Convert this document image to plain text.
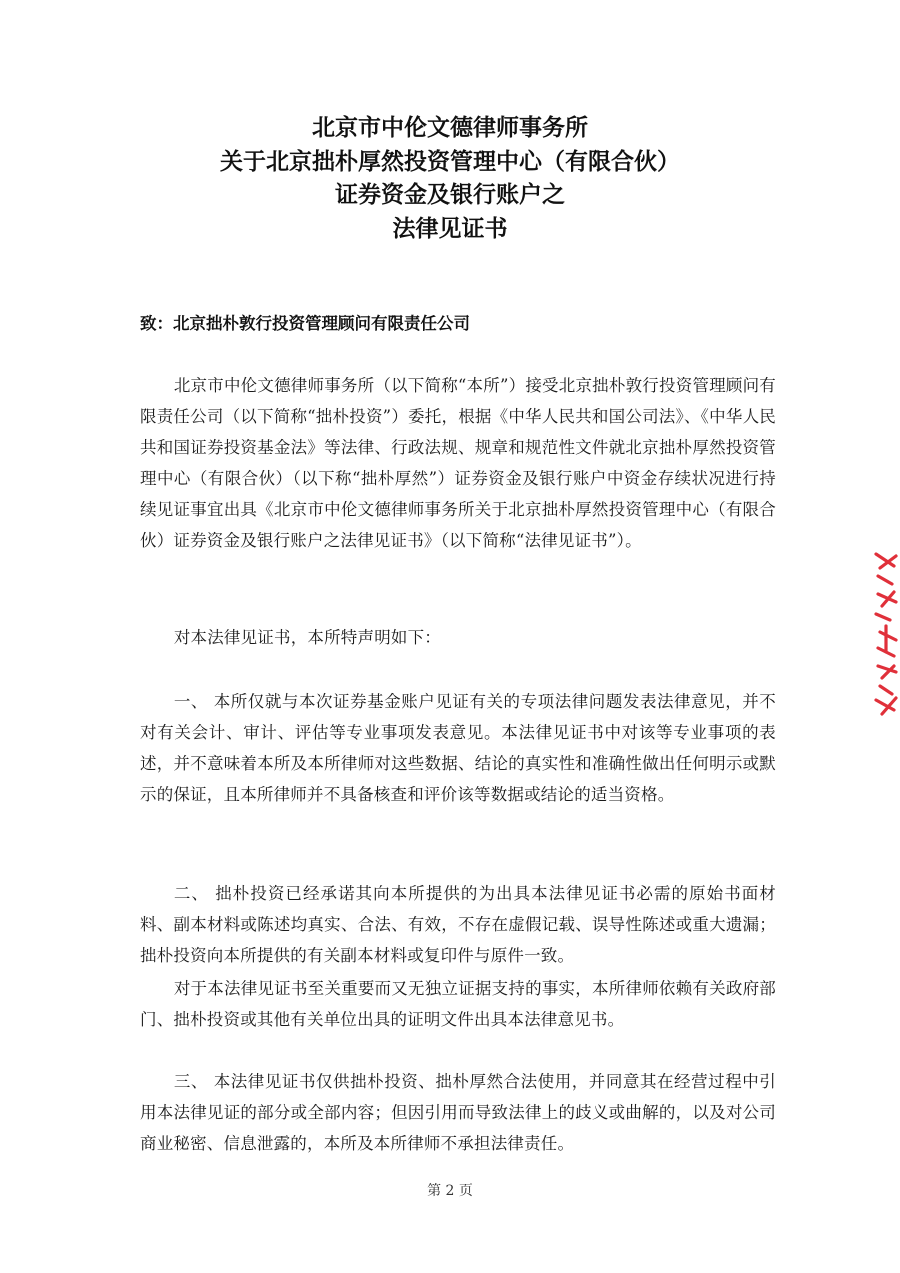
北京市中伦文德律师事务所
关于北京拙朴厚然投资管理中心（有限合伙）
证券资金及银行账户之
法律见证书
致：北京拙朴敦行投资管理顾问有限责任公司

北京市中伦文德律师事务所（以下简称“本所”）接受北京拙朴敦行投资管理顾问有限责任公司（以下简称“拙朴投资”）委托，根据《中华人民共和国公司法》、《中华人民共和国证券投资基金法》等法律、行政法规、规章和规范性文件就北京拙朴厚然投资管理中心（有限合伙）（以下称“拙朴厚然”）证券资金及银行账户中资金存续状况进行持续见证事宜出具《北京市中伦文德律师事务所关于北京拙朴厚然投资管理中心（有限合伙）证券资金及银行账户之法律见证书》（以下简称“法律见证书”）。

对本法律见证书，本所特声明如下：

一、 本所仅就与本次证券基金账户见证有关的专项法律问题发表法律意见，并不对有关会计、审计、评估等专业事项发表意见。本法律见证书中对该等专业事项的表述，并不意味着本所及本所律师对这些数据、结论的真实性和准确性做出任何明示或默示的保证，且本所律师并不具备核查和评价该等数据或结论的适当资格。

二、 拙朴投资已经承诺其向本所提供的为出具本法律见证书必需的原始书面材料、副本材料或陈述均真实、合法、有效，不存在虚假记载、误导性陈述或重大遗漏；拙朴投资向本所提供的有关副本材料或复印件与原件一致。

对于本法律见证书至关重要而又无独立证据支持的事实，本所律师依赖有关政府部门、拙朴投资或其他有关单位出具的证明文件出具本法律意见书。

三、 本法律见证书仅供拙朴投资、拙朴厚然合法使用，并同意其在经营过程中引用本法律见证的部分或全部内容；但因引用而导致法律上的歧义或曲解的，以及对公司商业秘密、信息泄露的，本所及本所律师不承担法律责任。

第 2 页
